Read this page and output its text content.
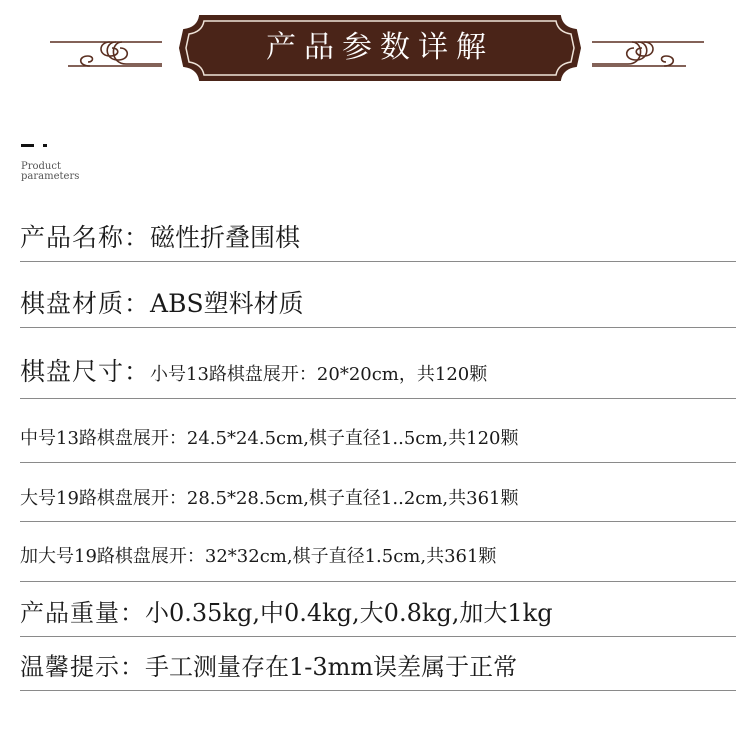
产品参数详解
Product
parameters
产品名称：磁性折叠围棋
棋盘材质：ABS塑料材质
棋盘尺寸：小号13路棋盘展开：20*20cm，共120颗
中号13路棋盘展开：24.5*24.5cm,棋子直径1..5cm,共120颗
大号19路棋盘展开：28.5*28.5cm,棋子直径1..2cm,共361颗
加大号19路棋盘展开：32*32cm,棋子直径1.5cm,共361颗
产品重量：小0.35kg,中0.4kg,大0.8kg,加大1kg
温馨提示：手工测量存在1-3mm误差属于正常
